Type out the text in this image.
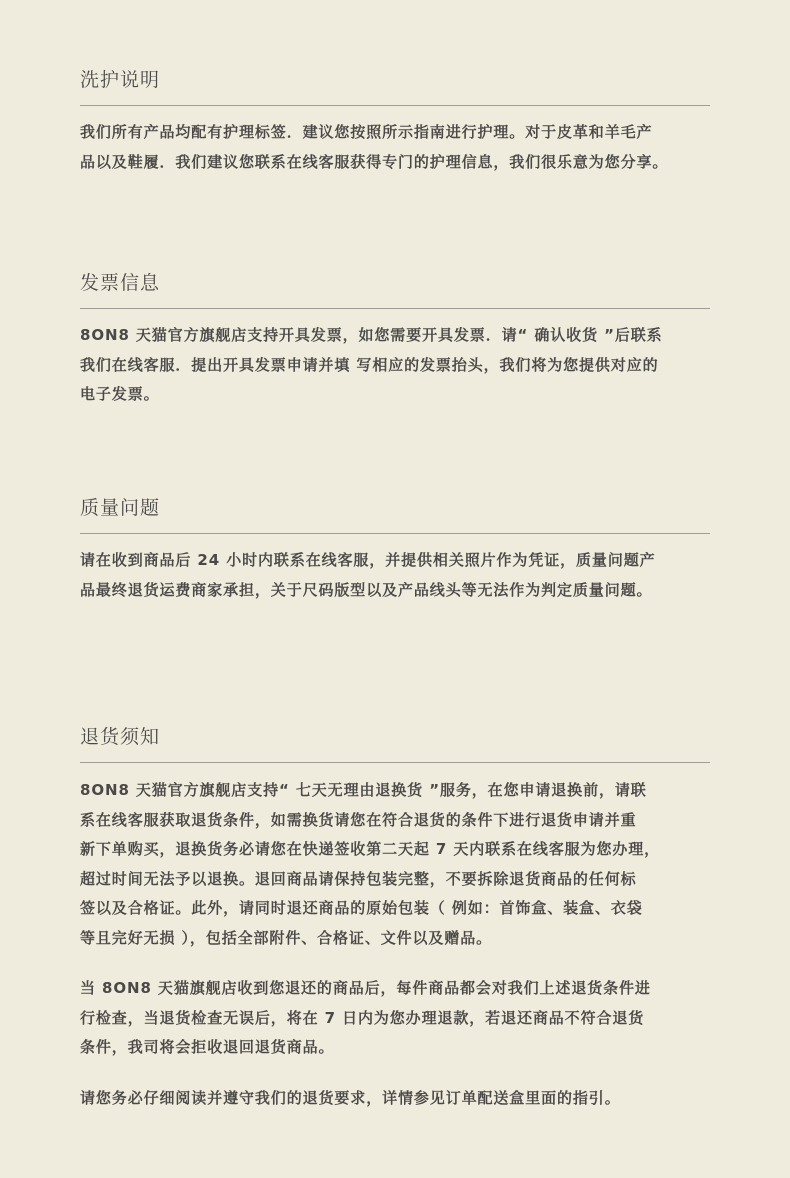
洗护说明

我们所有产品均配有护理标签．建议您按照所示指南进行护理。对于皮革和羊毛产
品以及鞋履．我们建议您联系在线客服获得专门的护理信息，我们很乐意为您分享。

发票信息

8ON8 天猫官方旗舰店支持开具发票，如您需要开具发票．请“ 确认收货 ”后联系
我们在线客服．提出开具发票申请并填 写相应的发票抬头，我们将为您提供对应的
电子发票。

质量问题

请在收到商品后 24 小时内联系在线客服，并提供相关照片作为凭证，质量问题产
品最终退货运费商家承担，关于尺码版型以及产品线头等无法作为判定质量问题。

退货须知

8ON8 天猫官方旗舰店支持“ 七天无理由退换货 ”服务，在您申请退换前，请联
系在线客服获取退货条件，如需换货请您在符合退货的条件下进行退货申请并重
新下单购买，退换货务必请您在快递签收第二天起 7 天内联系在线客服为您办理，
超过时间无法予以退换。退回商品请保持包装完整，不要拆除退货商品的任何标
签以及合格证。此外，请同时退还商品的原始包装（ 例如：首饰盒、装盒、衣袋
等且完好无损 ），包括全部附件、合格证、文件以及赠品。

当 8ON8 天猫旗舰店收到您退还的商品后，每件商品都会对我们上述退货条件进
行检查，当退货检查无误后，将在 7 日内为您办理退款，若退还商品不符合退货
条件，我司将会拒收退回退货商品。

请您务必仔细阅读并遵守我们的退货要求，详情参见订单配送盒里面的指引。
